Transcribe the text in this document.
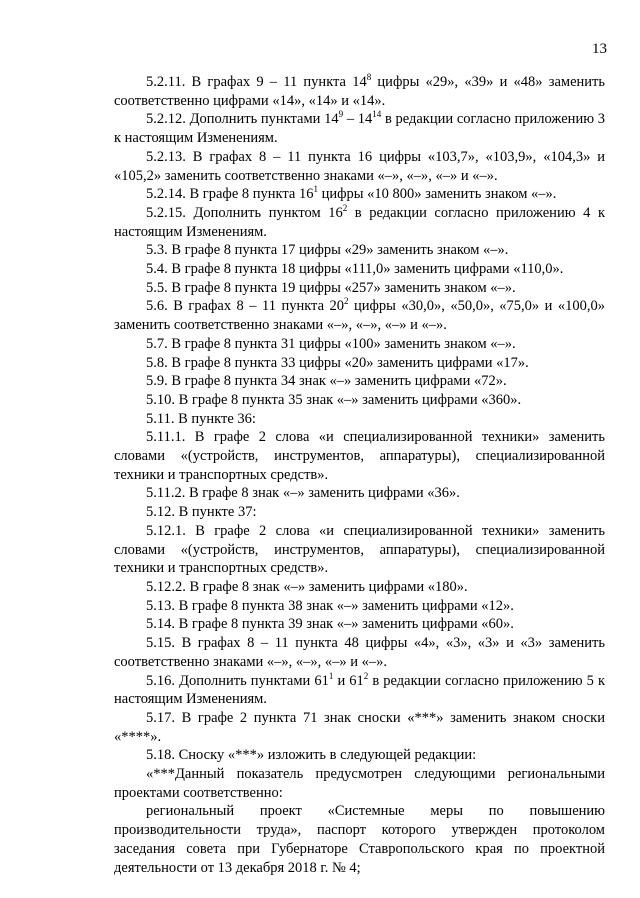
13

5.2.11. В графах 9 – 11 пункта $14^8$ цифры «29», «39» и «48» заменить соответственно цифрами «14», «14» и «14».

5.2.12. Дополнить пунктами $14^9 - 14^{14}$ в редакции согласно приложению 3 к настоящим Изменениям.

5.2.13. В графах 8 – 11 пункта 16 цифры «103,7», «103,9», «104,3» и «105,2» заменить соответственно знаками «–», «–», «–» и «–».

5.2.14. В графе 8 пункта $16^1$ цифры «10 800» заменить знаком «–».

5.2.15. Дополнить пунктом $16^2$ в редакции согласно приложению 4 к настоящим Изменениям.

5.3. В графе 8 пункта 17 цифры «29» заменить знаком «–».

5.4. В графе 8 пункта 18 цифры «111,0» заменить цифрами «110,0».

5.5. В графе 8 пункта 19 цифры «257» заменить знаком «–».

5.6. В графах 8 – 11 пункта $20^2$ цифры «30,0», «50,0», «75,0» и «100,0» заменить соответственно знаками «–», «–», «–» и «–».

5.7. В графе 8 пункта 31 цифры «100» заменить знаком «–».

5.8. В графе 8 пункта 33 цифры «20» заменить цифрами «17».

5.9. В графе 8 пункта 34 знак «–» заменить цифрами «72».

5.10. В графе 8 пункта 35 знак «–» заменить цифрами «360».

5.11. В пункте 36:

5.11.1. В графе 2 слова «и специализированной техники» заменить словами «(устройств, инструментов, аппаратуры), специализированной техники и транспортных средств».

5.11.2. В графе 8 знак «–» заменить цифрами «36».

5.12. В пункте 37:

5.12.1. В графе 2 слова «и специализированной техники» заменить словами «(устройств, инструментов, аппаратуры), специализированной техники и транспортных средств».

5.12.2. В графе 8 знак «–» заменить цифрами «180».

5.13. В графе 8 пункта 38 знак «–» заменить цифрами «12».

5.14. В графе 8 пункта 39 знак «–» заменить цифрами «60».

5.15. В графах 8 – 11 пункта 48 цифры «4», «3», «3» и «3» заменить соответственно знаками «–», «–», «–» и «–».

5.16. Дополнить пунктами $61^1$ и $61^2$ в редакции согласно приложению 5 к настоящим Изменениям.

5.17. В графе 2 пункта 71 знак сноски «***» заменить знаком сноски «****».

5.18. Сноску «***» изложить в следующей редакции:

«***Данный показатель предусмотрен следующими региональными проектами соответственно:

региональный проект «Системные меры по повышению производительности труда», паспорт которого утвержден протоколом заседания совета при Губернаторе Ставропольского края по проектной деятельности от 13 декабря 2018 г. № 4;
